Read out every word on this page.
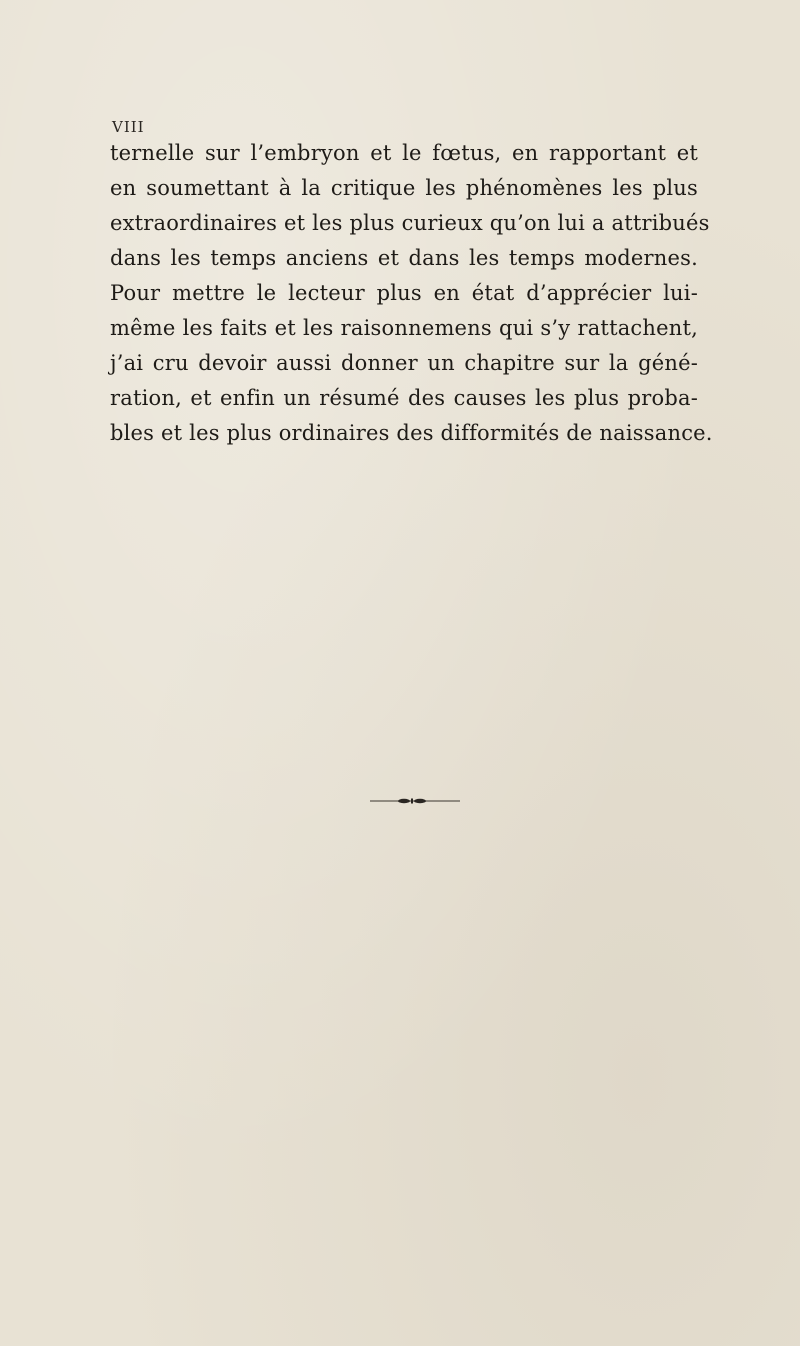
VIII
ternelle sur l’embryon et le fœtus, en rapportant et
en soumettant à la critique les phénomènes les plus
extraordinaires et les plus curieux qu’on lui a attribués
dans les temps anciens et dans les temps modernes.
Pour mettre le lecteur plus en état d’apprécier lui-
même les faits et les raisonnemens qui s’y rattachent,
j’ai cru devoir aussi donner un chapitre sur la géné-
ration, et enfin un résumé des causes les plus proba-
bles et les plus ordinaires des difformités de naissance.
